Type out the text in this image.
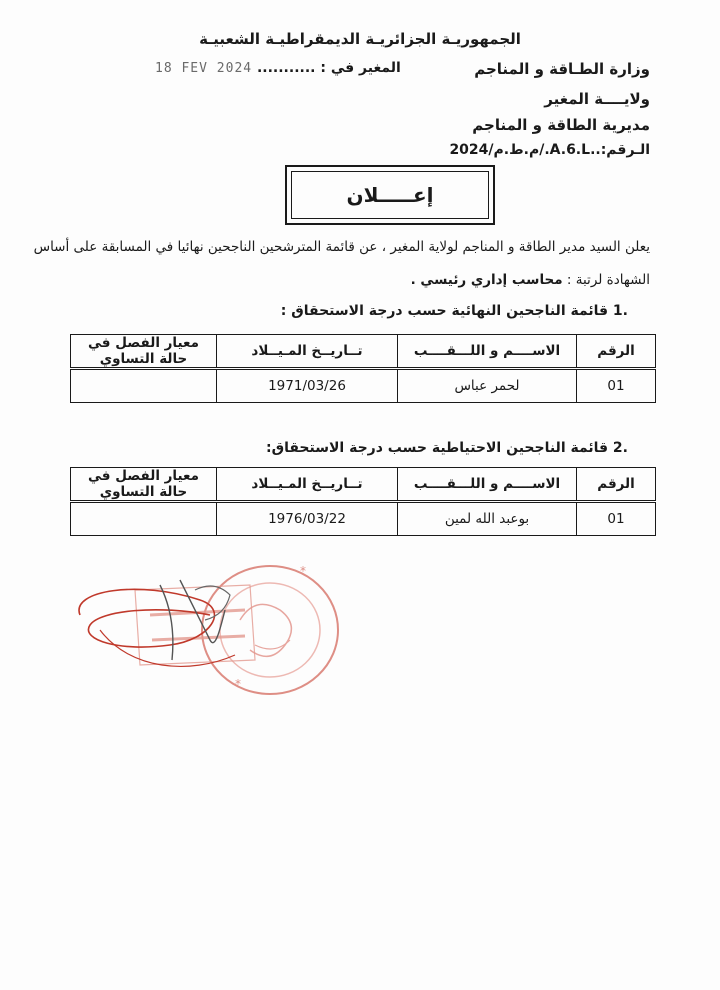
الجمهوريـة الجزائريـة الديمقراطيـة الشعبيـة
وزارة الطـاقة و المناجم
ولايــــة المغير
مديرية الطاقة و المناجم
الـرقم:..A.6.L./م.ط.م/2024
18 FEV 2024 المغير في : ...........
إعـــــلان
يعلن السيد مدير الطاقة و المناجم لولاية المغير ، عن قائمة المترشحين الناجحين نهائيا في المسابقة على أساس
الشهادة لرتبة : محاسب إداري رئيسي .
.1 قائمة الناجحين النهائية حسب درجة الاستحقاق :
الرقم	الاســــم و اللـــقــــب	تــاريــخ المـيــلاد	معيار الفصل في حالة التساوي
01	لحمر عباس	1971/03/26	
.2 قائمة الناجحين الاحتياطية حسب درجة الاستحقاق:
الرقم	الاســــم و اللـــقــــب	تــاريــخ المـيــلاد	معيار الفصل في حالة التساوي
01	بوعبد الله لمين	1976/03/22	
*
*
